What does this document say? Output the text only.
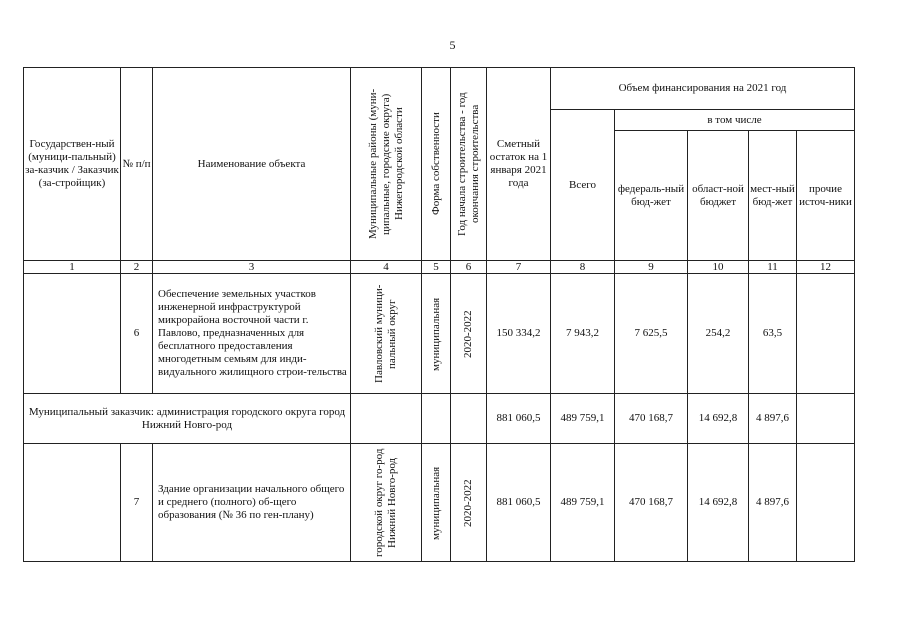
5
Государствен-ный (муници-пальный) за-казчик / Заказчик (за-стройщик)	№ п/п	Наименование объекта	Муниципальные районы (муни-ципальные, городские округа) Нижегородской области	Форма собственности	Год начала строительства - год окончания строительства	Сметный остаток на 1 января 2021 года	Объем финансирования на 2021 год				
							Всего	в том числе			
								федераль-ный бюд-жет	област-ной бюджет	мест-ный бюд-жет	прочие источ-ники
1	2	3	4	5	6	7	8	9	10	11	12
	6	Обеспечение земельных участков инженерной инфраструктурой микрорайона восточной части г. Павлово, предназначенных для бесплатного предоставления многодетным семьям для инди-видуального жилищного строи-тельства	Павловский муници-пальный округ	муниципальная	2020-2022	150 334,2	7 943,2	7 625,5	254,2	63,5	
Муниципальный заказчик: администрация городского округа город Нижний Новго-род						881 060,5	489 759,1	470 168,7	14 692,8	4 897,6	
	7	Здание организации начального общего и среднего (полного) об-щего образования (№ 36 по ген-плану)	городской округ го-род Нижний Новго-род	муниципальная	2020-2022	881 060,5	489 759,1	470 168,7	14 692,8	4 897,6	
